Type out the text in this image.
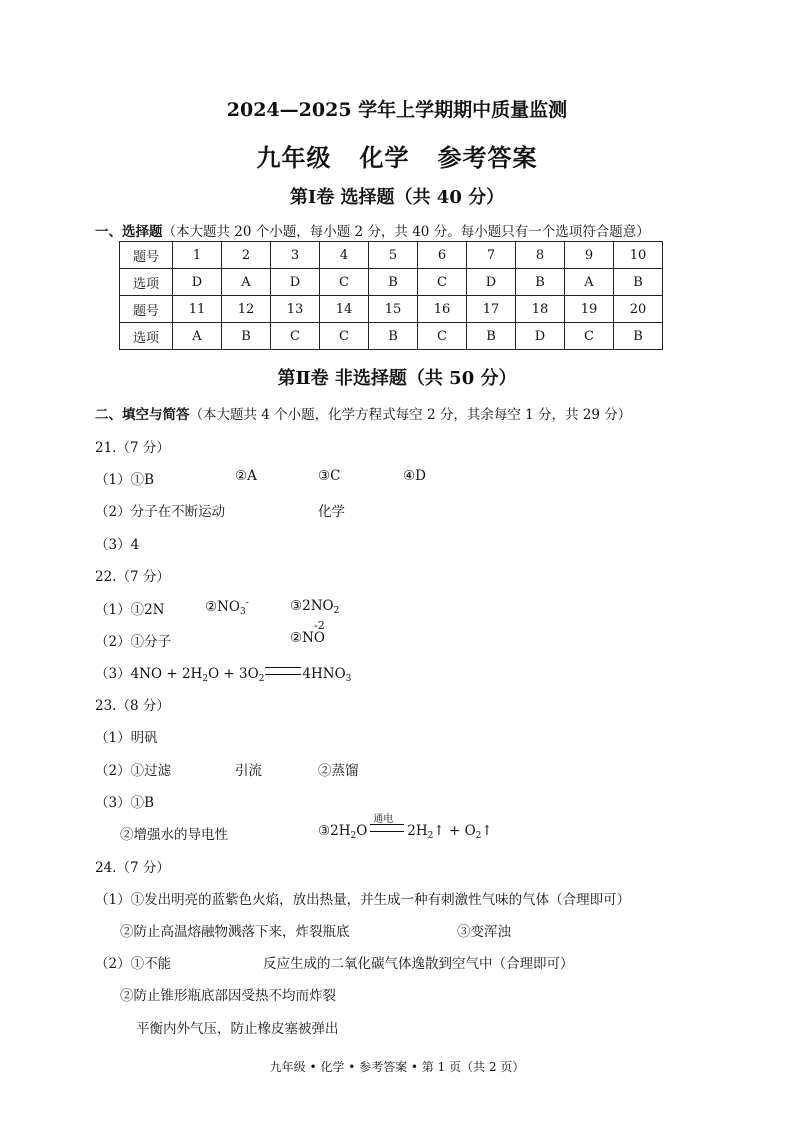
2024—2025 学年上学期期中质量监测
九年级 化学 参考答案
第Ⅰ卷 选择题（共 40 分）
一、选择题（本大题共 20 个小题，每小题 2 分，共 40 分。每小题只有一个选项符合题意）
题号	1	2	3	4	5	6	7	8	9	10
选项	D	A	D	C	B	C	D	B	A	B
题号	11	12	13	14	15	16	17	18	19	20
选项	A	B	C	C	B	C	B	D	C	B
第Ⅱ卷 非选择题（共 50 分）
二、填空与简答（本大题共 4 个小题，化学方程式每空 2 分，其余每空 1 分，共 29 分）
21.（7 分）
（1）①B	②A	③C	④D
（2）分子在不断运动	化学
（3）4
22.（7 分）
（1）①2N	$②NO_3^-$	$③2NO_2$
（2）①分子	②NO
-2
$(3)4NO + 2H_2O + 3O_2$	$4HNO_3$
23.（8 分）
（1）明矾
（2）①过滤	引流	②蒸馏
（3）①B
②增强水的导电性	$③2H_2O$
通电
$2H_2↑$ + $O_2↑$
24.（7 分）
（1）①发出明亮的蓝紫色火焰，放出热量，并生成一种有刺激性气味的气体（合理即可）
②防止高温熔融物溅落下来，炸裂瓶底	③变浑浊
（2）①不能	反应生成的二氧化碳气体逸散到空气中（合理即可）
②防止锥形瓶底部因受热不均而炸裂
平衡内外气压，防止橡皮塞被弹出
九年级 • 化学 • 参考答案 • 第 1 页（共 2 页）
